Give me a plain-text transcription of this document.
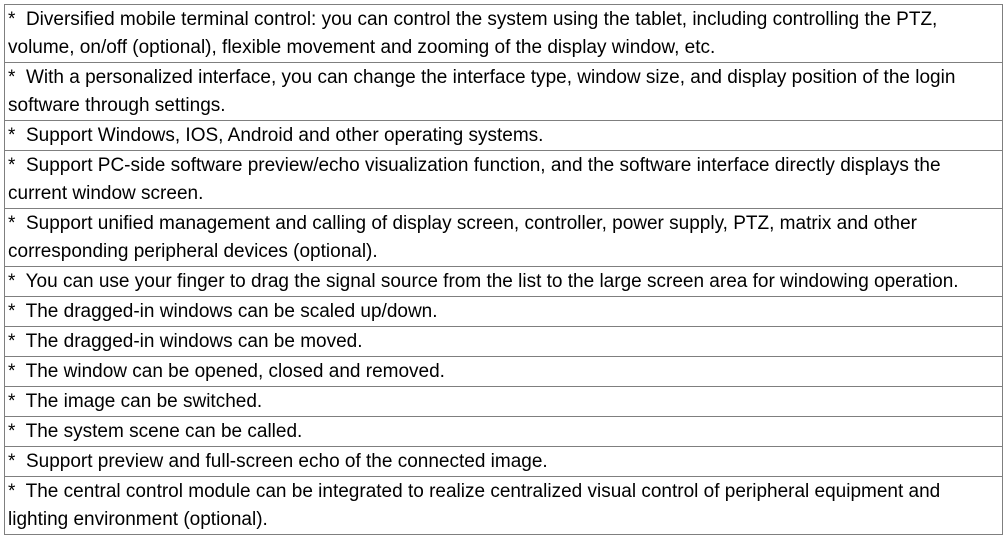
*  Diversified mobile terminal control: you can control the system using the tablet, including controlling the PTZ, volume, on/off (optional), flexible movement and zooming of the display window, etc.
*  With a personalized interface, you can change the interface type, window size, and display position of the login software through settings.
*  Support Windows, IOS, Android and other operating systems.
*  Support PC-side software preview/echo visualization function, and the software interface directly displays the current window screen.
*  Support unified management and calling of display screen, controller, power supply, PTZ, matrix and other corresponding peripheral devices (optional).
*  You can use your finger to drag the signal source from the list to the large screen area for windowing operation.
*  The dragged-in windows can be scaled up/down.
*  The dragged-in windows can be moved.
*  The window can be opened, closed and removed.
*  The image can be switched.
*  The system scene can be called.
*  Support preview and full-screen echo of the connected image.
*  The central control module can be integrated to realize centralized visual control of peripheral equipment and lighting environment (optional).
